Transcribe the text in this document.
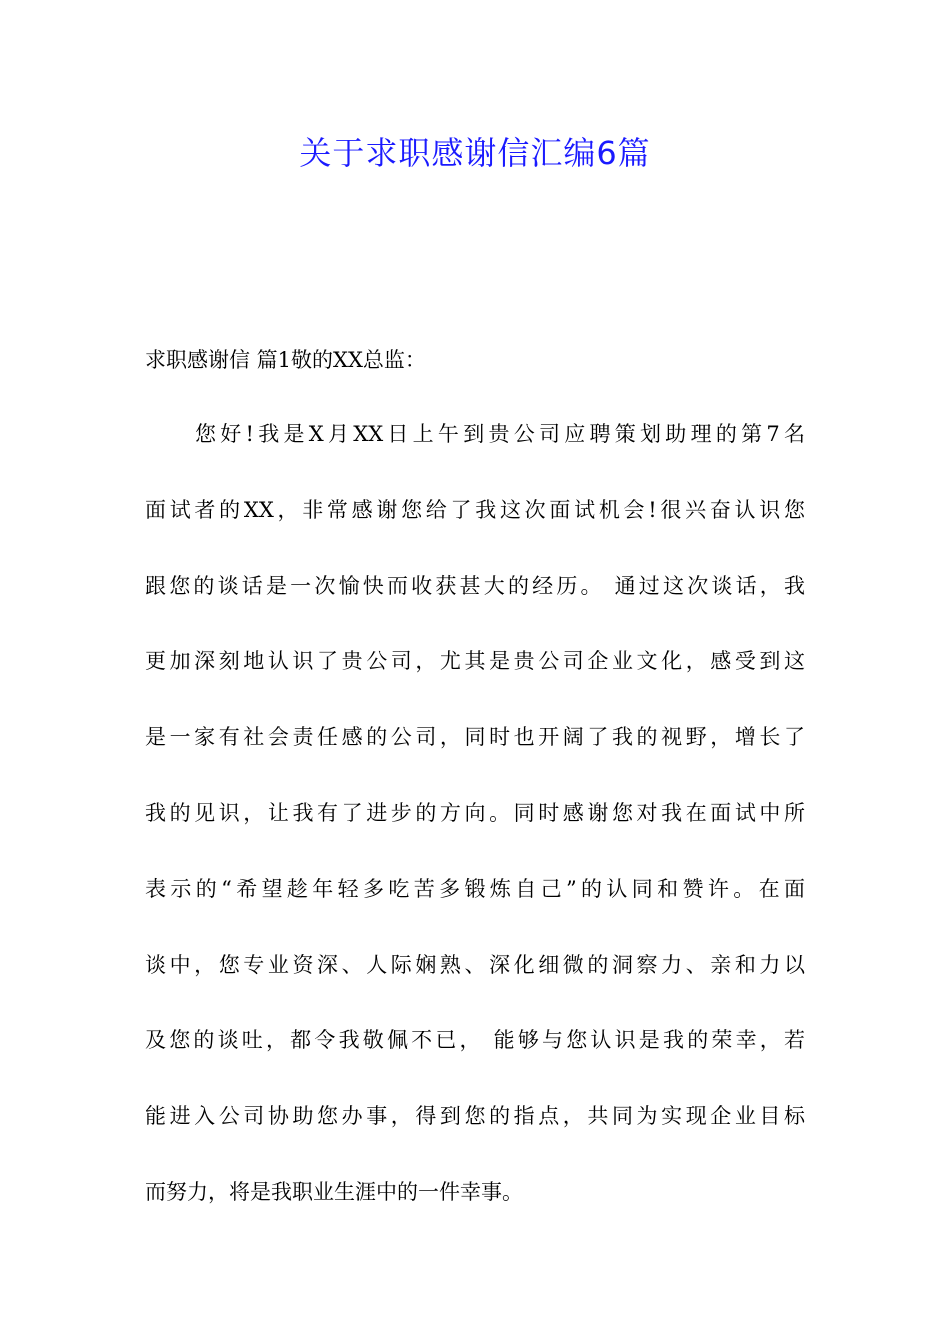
关于求职感谢信汇编6篇

求职感谢信 篇1敬的XX总监：

您好!我是X月XX日上午到贵公司应聘策划助理的第7名

面试者的XX，非常感谢您给了我这次面试机会!很兴奋认识您

跟您的谈话是一次愉快而收获甚大的经历。 通过这次谈话，我

更加深刻地认识了贵公司，尤其是贵公司企业文化，感受到这

是一家有社会责任感的公司，同时也开阔了我的视野，增长了

我的见识，让我有了进步的方向。同时感谢您对我在面试中所

表示的“希望趁年轻多吃苦多锻炼自己”的认同和赞许。在面

谈中，您专业资深、人际娴熟、深化细微的洞察力、亲和力以

及您的谈吐，都令我敬佩不已， 能够与您认识是我的荣幸，若

能进入公司协助您办事，得到您的指点，共同为实现企业目标

而努力，将是我职业生涯中的一件幸事。
